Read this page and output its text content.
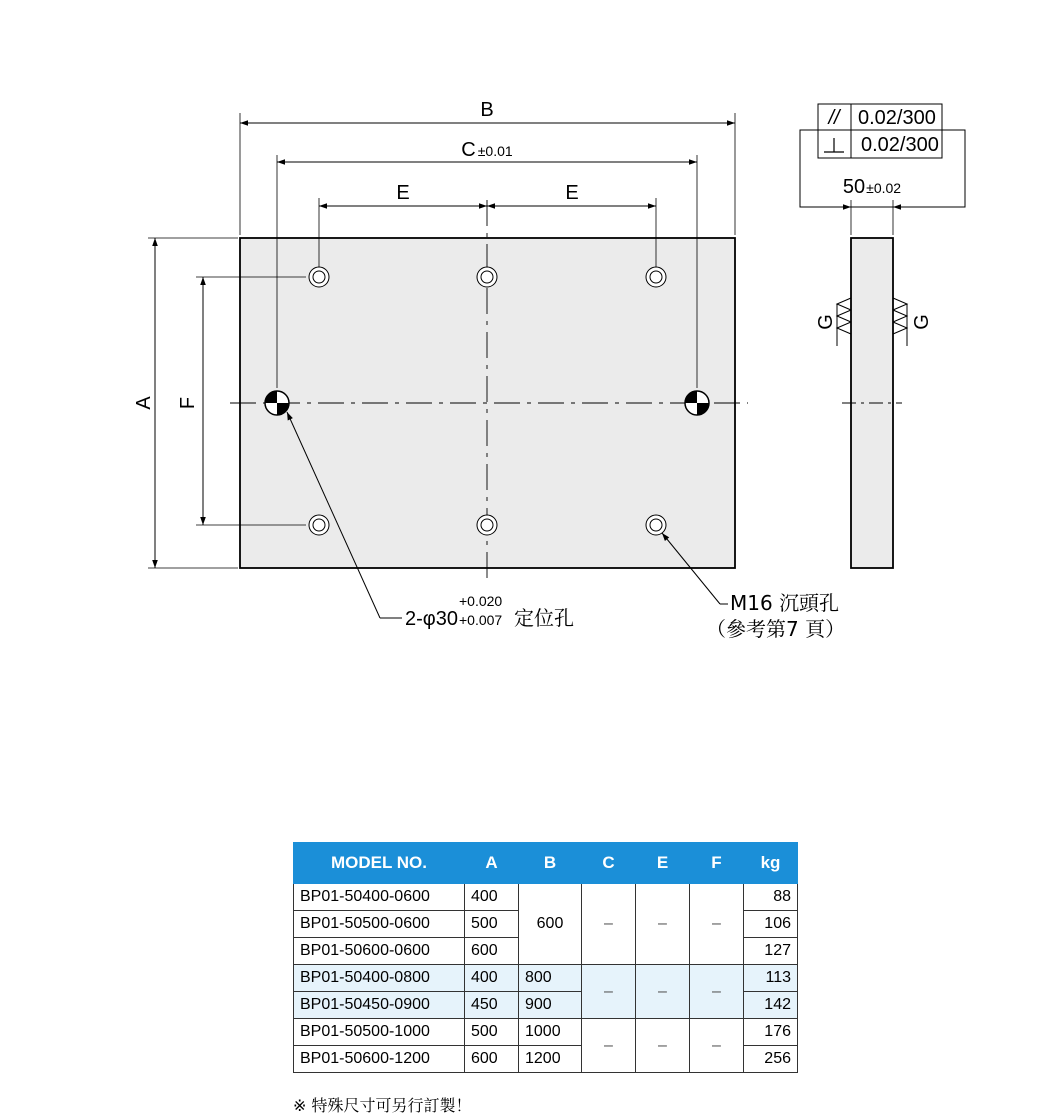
B
C ±0.01
E	E
A F
2-φ30
+0.020
+0.007 定位孔
M16 沉頭孔
（參考第7 頁）
50±0.02
// 0.02/300
0.02/300
G	G
MODEL NO.	A	B	C	E	F	kg
BP01-50400-0600	400	600	–	–	–	88
BP01-50500-0600	500					106
BP01-50600-0600	600					127
BP01-50400-0800	400	800	–	–	–	113
BP01-50450-0900	450	900				142
BP01-50500-1000	500	1000	–	–	–	176
BP01-50600-1200	600	1200				256
※ 特殊尺寸可另行訂製！
